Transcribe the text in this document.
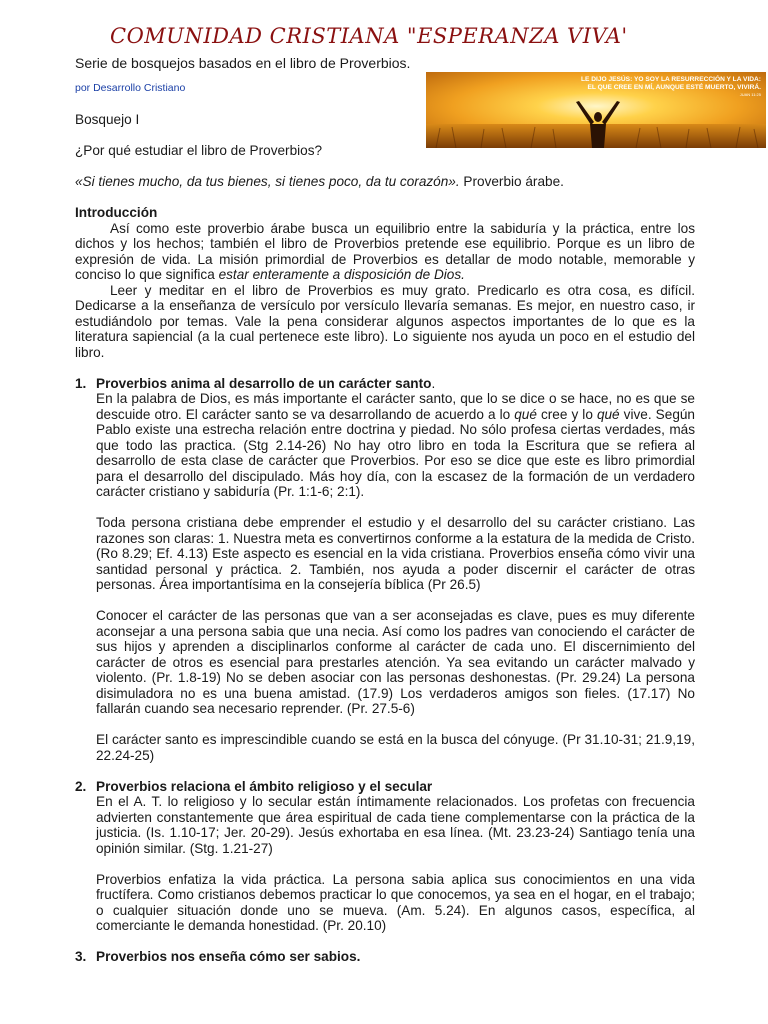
COMUNIDAD CRISTIANA "ESPERANZA VIVA'
Serie de bosquejos basados en el libro de Proverbios.
por Desarrollo Cristiano
LE DIJO JESÚS: YO SOY LA RESURRECCIÓN Y LA VIDA:
EL QUE CREE EN MÍ, AUNQUE ESTÉ MUERTO, VIVIRÁ.
JUAN 11:25

Bosquejo I

¿Por qué estudiar el libro de Proverbios?

«Si tienes mucho, da tus bienes, si tienes poco, da tu corazón». Proverbio árabe.

Introducción

Así como este proverbio árabe busca un equilibrio entre la sabiduría y la práctica, entre los dichos y los hechos; también el libro de Proverbios pretende ese equilibrio. Porque es un libro de expresión de vida. La misión primordial de Proverbios es detallar de modo notable, memorable y conciso lo que significa estar enteramente a disposición de Dios.

Leer y meditar en el libro de Proverbios es muy grato. Predicarlo es otra cosa, es difícil. Dedicarse a la enseñanza de versículo por versículo llevaría semanas. Es mejor, en nuestro caso, ir estudiándolo por temas. Vale la pena considerar algunos aspectos importantes de lo que es la literatura sapiencial (a la cual pertenece este libro). Lo siguiente nos ayuda un poco en el estudio del libro.

1. Proverbios anima al desarrollo de un carácter santo.

En la palabra de Dios, es más importante el carácter santo, que lo se dice o se hace, no es que se descuide otro. El carácter santo se va desarrollando de acuerdo a lo qué cree y lo qué vive. Según Pablo existe una estrecha relación entre doctrina y piedad. No sólo profesa ciertas verdades, más que todo las practica. (Stg 2.14-26) No hay otro libro en toda la Escritura que se refiera al desarrollo de esta clase de carácter que Proverbios. Por eso se dice que este es libro primordial para el desarrollo del discipulado. Más hoy día, con la escasez de la formación de un verdadero carácter cristiano y sabiduría (Pr. 1:1-6; 2:1).

Toda persona cristiana debe emprender el estudio y el desarrollo del su carácter cristiano. Las razones son claras: 1. Nuestra meta es convertirnos conforme a la estatura de la medida de Cristo. (Ro 8.29; Ef. 4.13) Este aspecto es esencial en la vida cristiana. Proverbios enseña cómo vivir una santidad personal y práctica. 2. También, nos ayuda a poder discernir el carácter de otras personas. Área importantísima en la consejería bíblica (Pr 26.5)

Conocer el carácter de las personas que van a ser aconsejadas es clave, pues es muy diferente aconsejar a una persona sabia que una necia. Así como los padres van conociendo el carácter de sus hijos y aprenden a disciplinarlos conforme al carácter de cada uno. El discernimiento del carácter de otros es esencial para prestarles atención. Ya sea evitando un carácter malvado y violento. (Pr. 1.8-19) No se deben asociar con las personas deshonestas. (Pr. 29.24) La persona disimuladora no es una buena amistad. (17.9) Los verdaderos amigos son fieles. (17.17) No fallarán cuando sea necesario reprender. (Pr. 27.5-6)

El carácter santo es imprescindible cuando se está en la busca del cónyuge. (Pr 31.10-31; 21.9,19, 22.24-25)

2. Proverbios relaciona el ámbito religioso y el secular

En el A. T. lo religioso y lo secular están íntimamente relacionados. Los profetas con frecuencia advierten constantemente que área espiritual de cada tiene complementarse con la práctica de la justicia. (Is. 1.10-17; Jer. 20-29). Jesús exhortaba en esa línea. (Mt. 23.23-24) Santiago tenía una opinión similar. (Stg. 1.21-27)

Proverbios enfatiza la vida práctica. La persona sabia aplica sus conocimientos en una vida fructífera. Como cristianos debemos practicar lo que conocemos, ya sea en el hogar, en el trabajo; o cualquier situación donde uno se mueva. (Am. 5.24). En algunos casos, específica, al comerciante le demanda honestidad. (Pr. 20.10)

3. Proverbios nos enseña cómo ser sabios.
